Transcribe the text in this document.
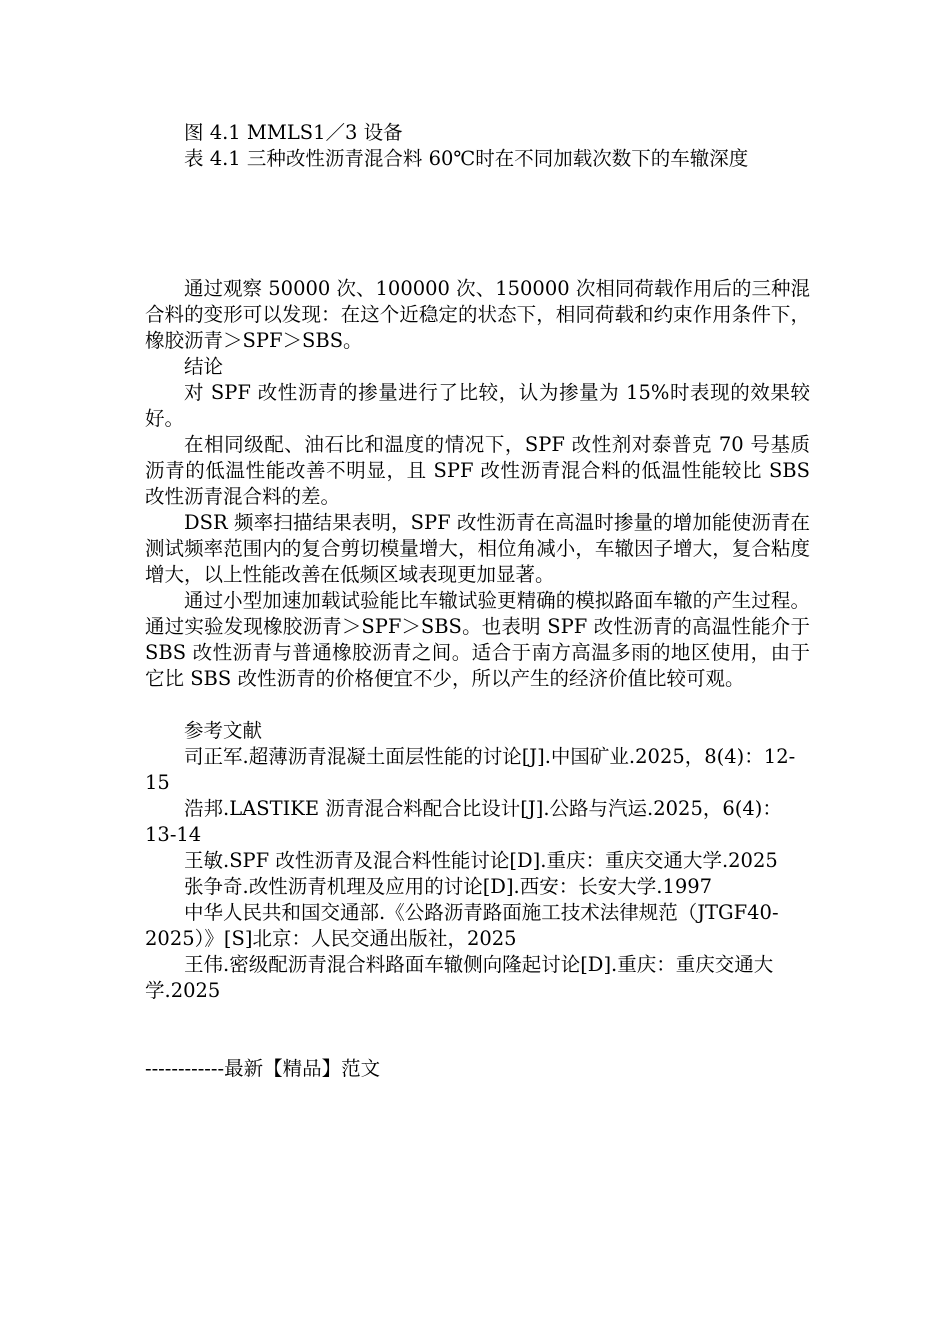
图 4.1 MMLS1／3 设备

表 4.1 三种改性沥青混合料 60℃时在不同加载次数下的车辙深度

通过观察 50000 次、100000 次、150000 次相同荷载作用后的三种混合料的变形可以发现：在这个近稳定的状态下，相同荷载和约束作用条件下，橡胶沥青＞SPF＞SBS。

结论

对 SPF 改性沥青的掺量进行了比较，认为掺量为 15%时表现的效果较好。

在相同级配、油石比和温度的情况下，SPF 改性剂对泰普克 70 号基质沥青的低温性能改善不明显，且 SPF 改性沥青混合料的低温性能较比 SBS 改性沥青混合料的差。

DSR 频率扫描结果表明，SPF 改性沥青在高温时掺量的增加能使沥青在测试频率范围内的复合剪切模量增大，相位角减小，车辙因子增大，复合粘度增大，以上性能改善在低频区域表现更加显著。

通过小型加速加载试验能比车辙试验更精确的模拟路面车辙的产生过程。通过实验发现橡胶沥青＞SPF＞SBS。也表明 SPF 改性沥青的高温性能介于 SBS 改性沥青与普通橡胶沥青之间。适合于南方高温多雨的地区使用，由于它比 SBS 改性沥青的价格便宜不少，所以产生的经济价值比较可观。

参考文献

司正军.超薄沥青混凝土面层性能的讨论[J].中国矿业.2025，8(4)：12-15

浩邦.LASTIKE 沥青混合料配合比设计[J].公路与汽运.2025，6(4)：13-14

王敏.SPF 改性沥青及混合料性能讨论[D].重庆：重庆交通大学.2025

张争奇.改性沥青机理及应用的讨论[D].西安：长安大学.1997

中华人民共和国交通部.《公路沥青路面施工技术法律规范（JTGF40-2025）》[S]北京：人民交通出版社，2025

王伟.密级配沥青混合料路面车辙侧向隆起讨论[D].重庆：重庆交通大学.2025

------------最新【精品】范文
